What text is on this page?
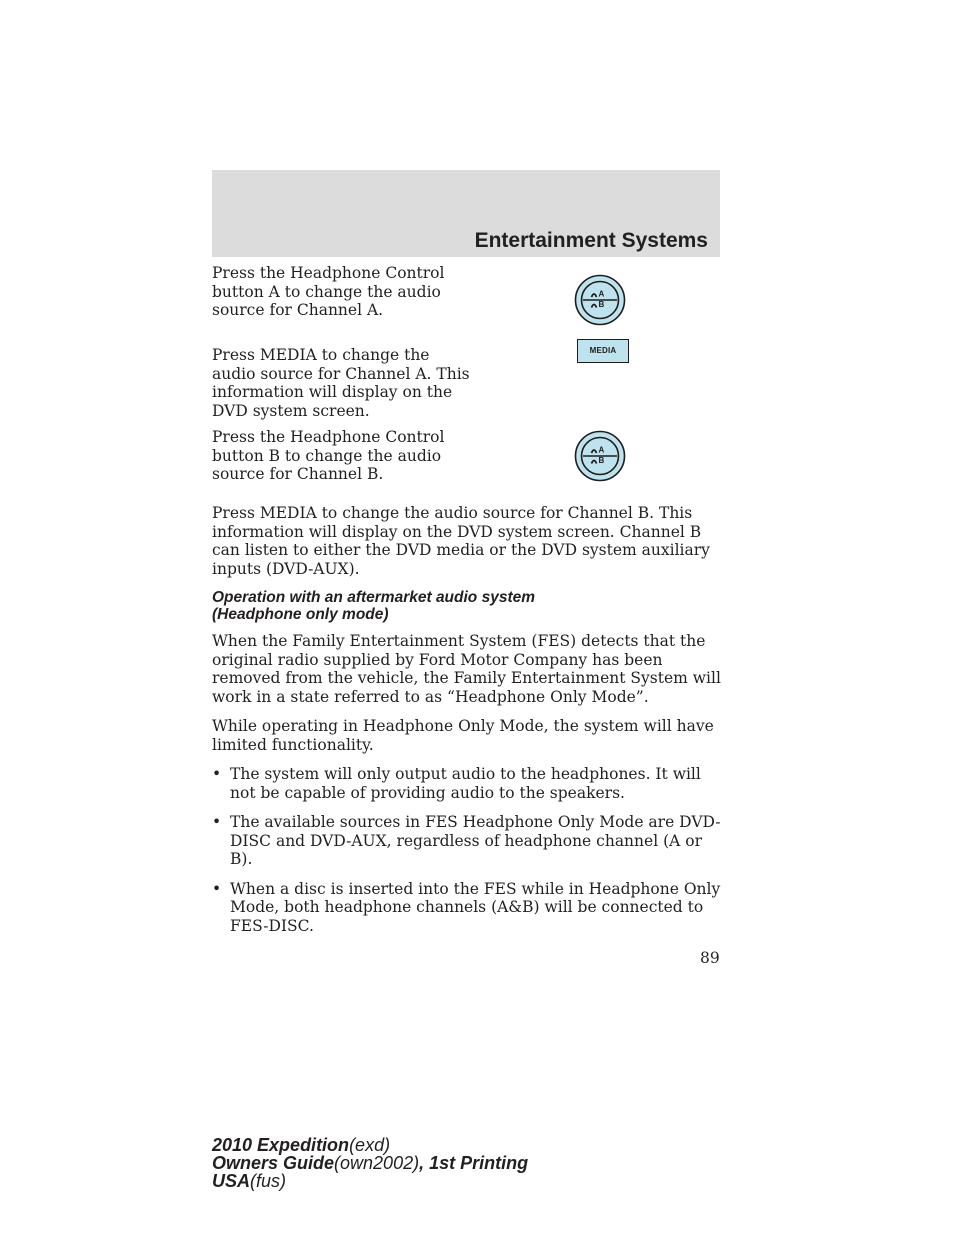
Entertainment Systems

Press the Headphone Control button A to change the audio source for Channel A.

A
B

Press MEDIA to change the audio source for Channel A. This information will display on the DVD system screen.

MEDIA

Press the Headphone Control button B to change the audio source for Channel B.

A
B

Press MEDIA to change the audio source for Channel B. This information will display on the DVD system screen. Channel B can listen to either the DVD media or the DVD system auxiliary inputs (DVD-AUX).

Operation with an aftermarket audio system
(Headphone only mode)

When the Family Entertainment System (FES) detects that the original radio supplied by Ford Motor Company has been removed from the vehicle, the Family Entertainment System will work in a state referred to as “Headphone Only Mode”.

While operating in Headphone Only Mode, the system will have limited functionality.

• The system will only output audio to the headphones. It will not be capable of providing audio to the speakers.
• The available sources in FES Headphone Only Mode are DVD-DISC and DVD-AUX, regardless of headphone channel (A or B).
• When a disc is inserted into the FES while in Headphone Only Mode, both headphone channels (A&B) will be connected to FES-DISC.
89
2010 Expedition(exd)
Owners Guide(own2002), 1st Printing
USA(fus)
